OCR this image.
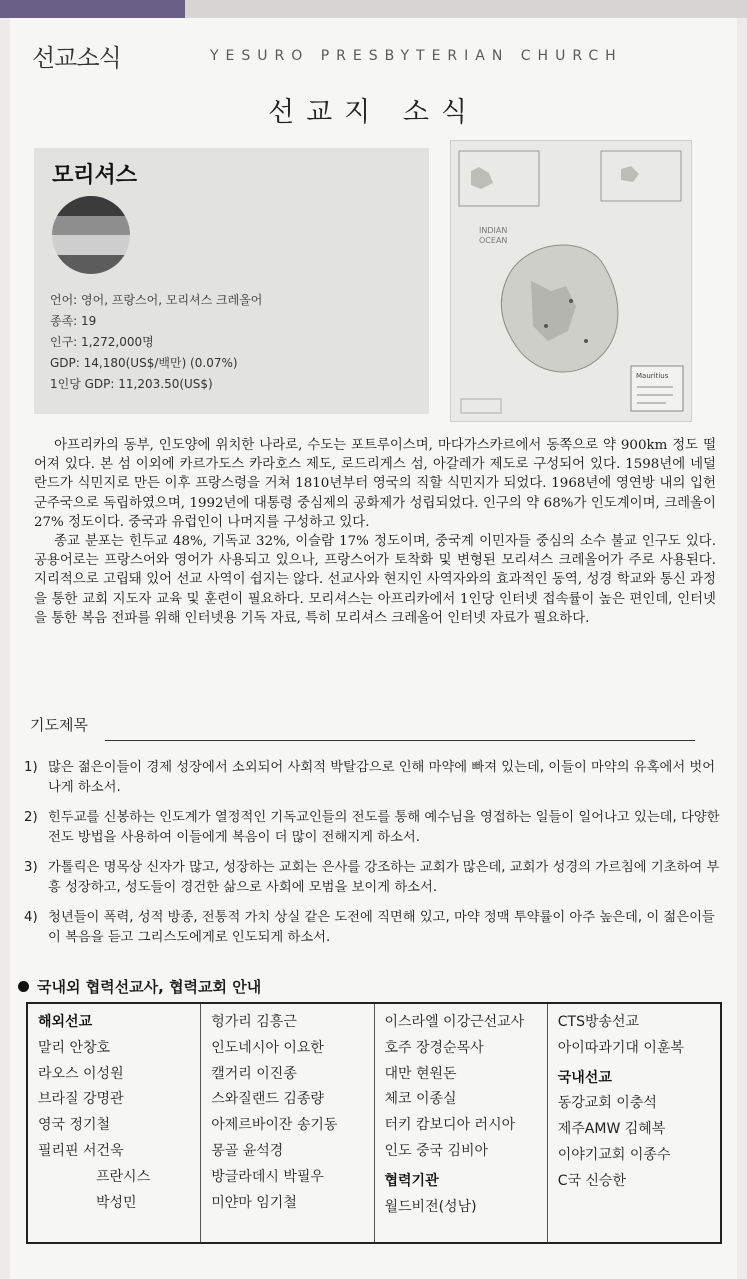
선교소식	YESURO PRESBYTERIAN CHURCH
선교지 소식
모리셔스
언어: 영어, 프랑스어, 모리셔스 크레올어
종족: 19
인구: 1,272,000명
GDP: 14,180(US$/백만) (0.07%)
1인당 GDP: 11,203.50(US$)
INDIAN
OCEAN
Mauritius

아프리카의 동부, 인도양에 위치한 나라로, 수도는 포트루이스며, 마다가스카르에서 동쪽으로 약 900km 정도 떨어져 있다. 본 섬 이외에 카르가도스 카라호스 제도, 로드리게스 섬, 아갈레가 제도로 구성되어 있다. 1598년에 네덜란드가 식민지로 만든 이후 프랑스령을 거쳐 1810년부터 영국의 직할 식민지가 되었다. 1968년에 영연방 내의 입헌 군주국으로 독립하였으며, 1992년에 대통령 중심제의 공화제가 성립되었다. 인구의 약 68%가 인도계이며, 크레올이 27% 정도이다. 중국과 유럽인이 나머지를 구성하고 있다.

종교 분포는 힌두교 48%, 기독교 32%, 이슬람 17% 정도이며, 중국계 이민자들 중심의 소수 불교 인구도 있다. 공용어로는 프랑스어와 영어가 사용되고 있으나, 프랑스어가 토착화 및 변형된 모리셔스 크레올어가 주로 사용된다. 지리적으로 고립돼 있어 선교 사역이 쉽지는 않다. 선교사와 현지인 사역자와의 효과적인 동역, 성경 학교와 통신 과정을 통한 교회 지도자 교육 및 훈련이 필요하다. 모리셔스는 아프리카에서 1인당 인터넷 접속률이 높은 편인데, 인터넷을 통한 복음 전파를 위해 인터넷용 기독 자료, 특히 모리셔스 크레올어 인터넷 자료가 필요하다.

기도제목
1) 많은 젊은이들이 경제 성장에서 소외되어 사회적 박탈감으로 인해 마약에 빠져 있는데, 이들이 마약의 유혹에서 벗어나게 하소서.
2) 힌두교를 신봉하는 인도계가 열정적인 기독교인들의 전도를 통해 예수님을 영접하는 일들이 일어나고 있는데, 다양한 전도 방법을 사용하여 이들에게 복음이 더 많이 전해지게 하소서.
3) 가톨릭은 명목상 신자가 많고, 성장하는 교회는 은사를 강조하는 교회가 많은데, 교회가 성경의 가르침에 기초하여 부흥 성장하고, 성도들이 경건한 삶으로 사회에 모범을 보이게 하소서.
4) 청년들이 폭력, 성적 방종, 전통적 가치 상실 같은 도전에 직면해 있고, 마약 정맥 투약률이 아주 높은데, 이 젊은이들이 복음을 듣고 그리스도에게로 인도되게 하소서.
국내외 협력선교사, 협력교회 안내
해외선교
말리 안창호
라오스 이성원
브라질 강명관
영국 정기철
필리핀 서건욱
프란시스
박성민
헝가리 김흥근
인도네시아 이요한
캘거리 이진종
스와질랜드 김종량
아제르바이잔 송기동
몽골 윤석경
방글라데시 박필우
미얀마 임기철
이스라엘 이강근선교사
호주 장경순목사
대만 현원돈
체코 이종실
터키 캄보디아 러시아
인도 중국 김비아
협력기관
월드비전(성남)
CTS방송선교
아이따과기대 이훈복
국내선교
동강교회 이충석
제주AMW 김혜복
이야기교회 이종수
C국 신승한
